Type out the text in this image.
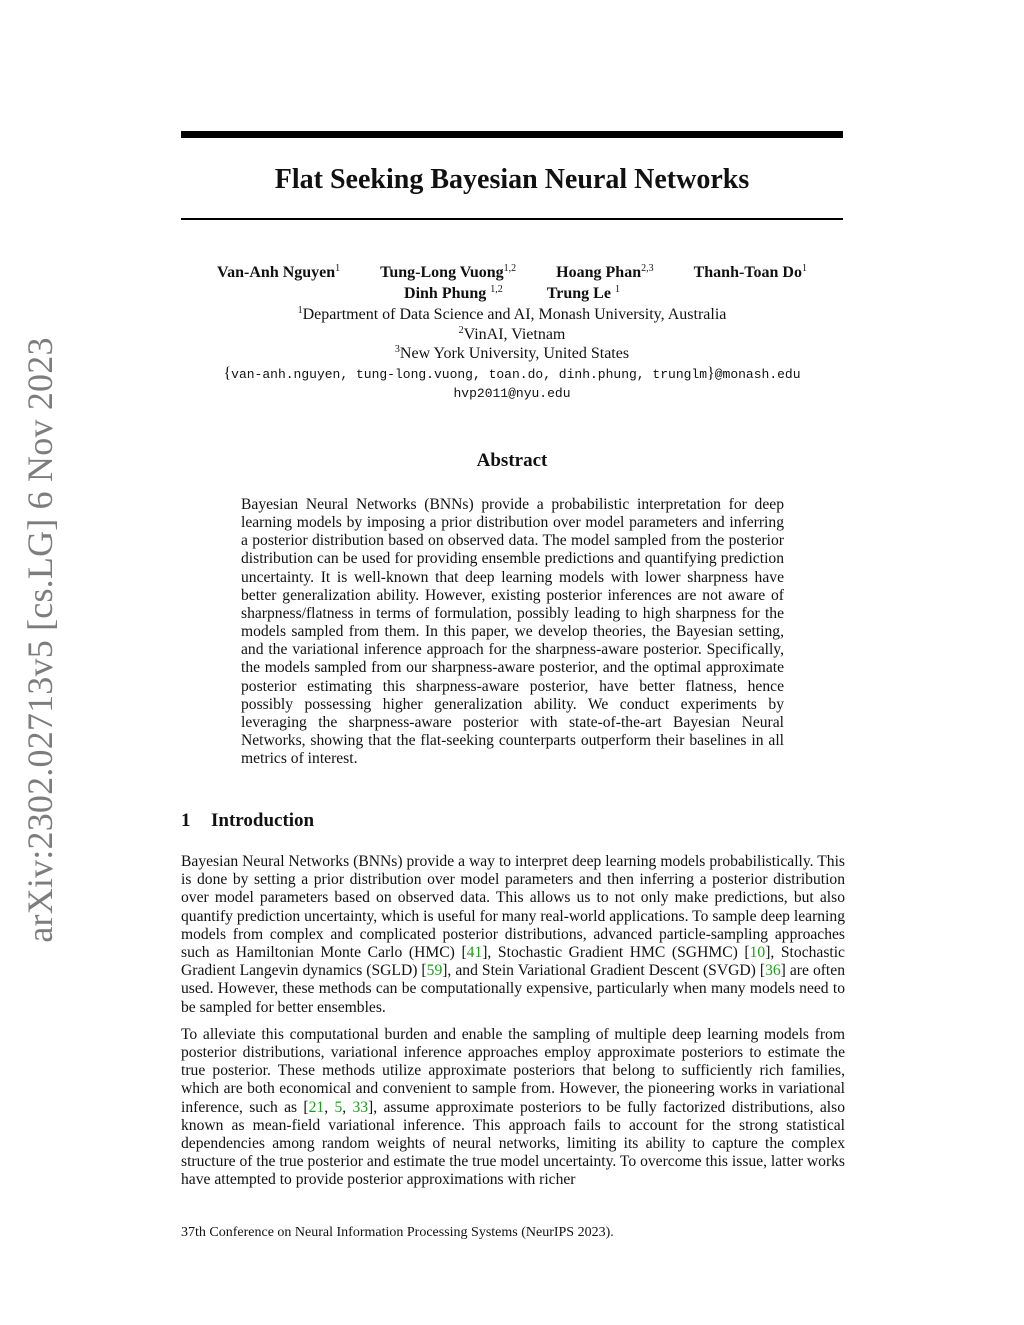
arXiv:2302.02713v5 [cs.LG] 6 Nov 2023
Flat Seeking Bayesian Neural Networks
Van-Anh Nguyen$^1$	Tung-Long Vuong$^{1,2}$	Hoang Phan$^{2,3}$	Thanh-Toan Do$^1$
Dinh Phung $^{1,2}$	Trung Le $^1$
$^1$Department of Data Science and AI, Monash University, Australia
$^2$VinAI, Vietnam
$^3$New York University, United States
{van-anh.nguyen, tung-long.vuong, toan.do, dinh.phung, trunglm}@monash.edu
hvp2011@nyu.edu
Abstract

Bayesian Neural Networks (BNNs) provide a probabilistic interpretation for deep learning models by imposing a prior distribution over model parameters and inferring a posterior distribution based on observed data. The model sampled from the posterior distribution can be used for providing ensemble predictions and quantifying prediction uncertainty. It is well-known that deep learning models with lower sharpness have better generalization ability. However, existing posterior inferences are not aware of sharpness/flatness in terms of formulation, possibly leading to high sharpness for the models sampled from them. In this paper, we develop theories, the Bayesian setting, and the variational inference approach for the sharpness-aware posterior. Specifically, the models sampled from our sharpness-aware posterior, and the optimal approximate posterior estimating this sharpness-aware posterior, have better flatness, hence possibly possessing higher generalization ability. We conduct experiments by leveraging the sharpness-aware posterior with state-of-the-art Bayesian Neural Networks, showing that the flat-seeking counterparts outperform their baselines in all metrics of interest.

1 Introduction

Bayesian Neural Networks (BNNs) provide a way to interpret deep learning models probabilistically. This is done by setting a prior distribution over model parameters and then inferring a posterior distribution over model parameters based on observed data. This allows us to not only make predictions, but also quantify prediction uncertainty, which is useful for many real-world applications. To sample deep learning models from complex and complicated posterior distributions, advanced particle-sampling approaches such as Hamiltonian Monte Carlo (HMC) [41], Stochastic Gradient HMC (SGHMC) [10], Stochastic Gradient Langevin dynamics (SGLD) [59], and Stein Variational Gradient Descent (SVGD) [36] are often used. However, these methods can be computationally expensive, particularly when many models need to be sampled for better ensembles.

To alleviate this computational burden and enable the sampling of multiple deep learning models from posterior distributions, variational inference approaches employ approximate posteriors to estimate the true posterior. These methods utilize approximate posteriors that belong to sufficiently rich families, which are both economical and convenient to sample from. However, the pioneering works in variational inference, such as [21, 5, 33], assume approximate posteriors to be fully factorized distributions, also known as mean-field variational inference. This approach fails to account for the strong statistical dependencies among random weights of neural networks, limiting its ability to capture the complex structure of the true posterior and estimate the true model uncertainty. To overcome this issue, latter works have attempted to provide posterior approximations with richer

37th Conference on Neural Information Processing Systems (NeurIPS 2023).
